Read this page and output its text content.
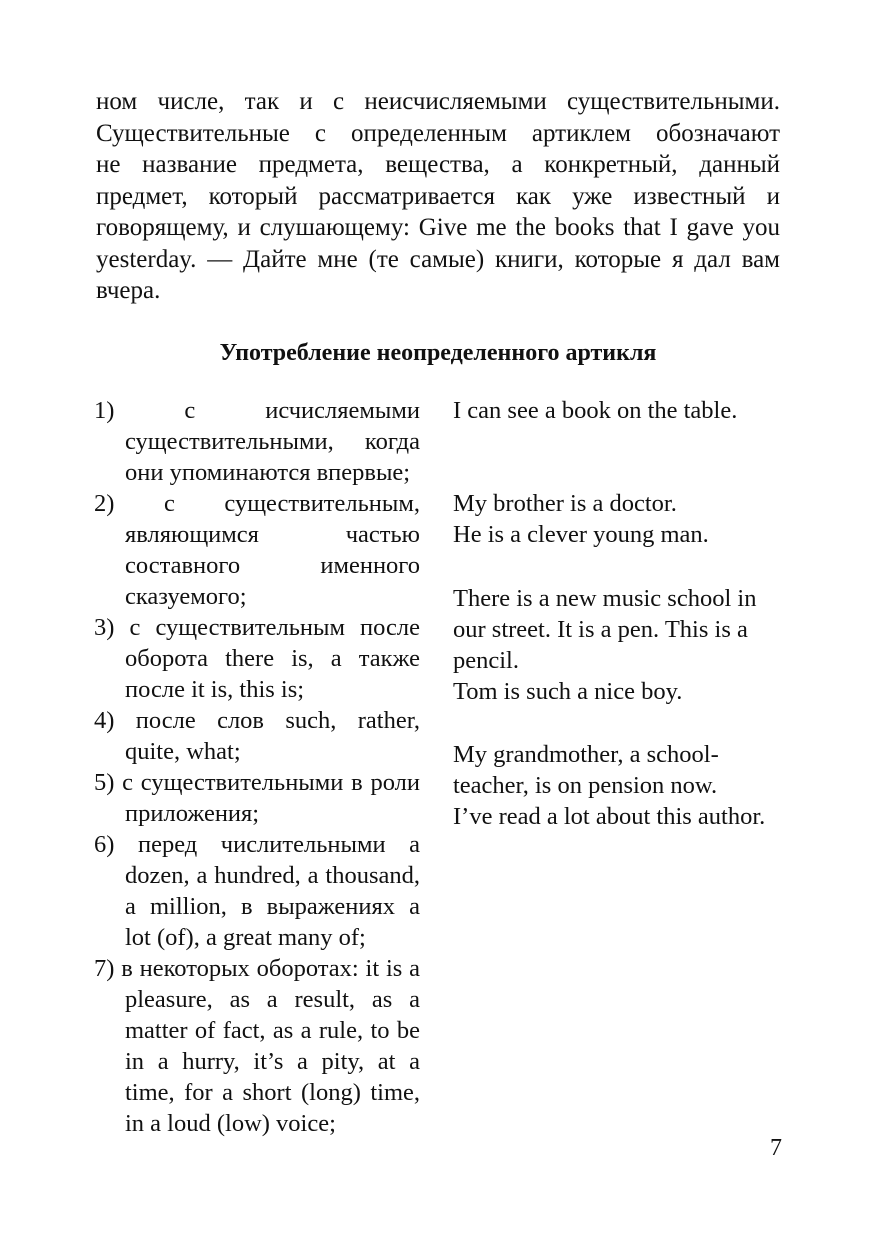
ном числе, так и с неисчисляемыми существительными.
Существительные с определенным артиклем обозначают
не название предмета, вещества, а конкретный, данный
предмет, который рассматривается как уже известный и
говорящему, и слушающему: Give me the books that I gave you
yesterday. — Дайте мне (те самые) книги, которые я дал вам
вчера.
Употребление неопределенного артикля

1) с исчисляемыми существительными, когда они упоминаются впервые;

2) с существительным, являющимся частью составного именного сказуемого;

3) с существительным после оборота there is, а также после it is, this is;

4) после слов such, rather, quite, what;

5) с существительными в роли приложения;

6) перед числительными a dozen, a hundred, a thousand, a million, в выражениях a lot (of), a great many of;

7) в некоторых оборотах: it is a pleasure, as a result, as a matter of fact, as a rule, to be in a hurry, it’s a pity, at a time, for a short (long) time, in a loud (low) voice;

I can see a book on the table.
My brother is a doctor.
He is a clever young man.
There is a new music school in
our street. It is a pen. This is a
pencil.
Tom is such a nice boy.
My grandmother, a school-
teacher, is on pension now.
I’ve read a lot about this author.
7
